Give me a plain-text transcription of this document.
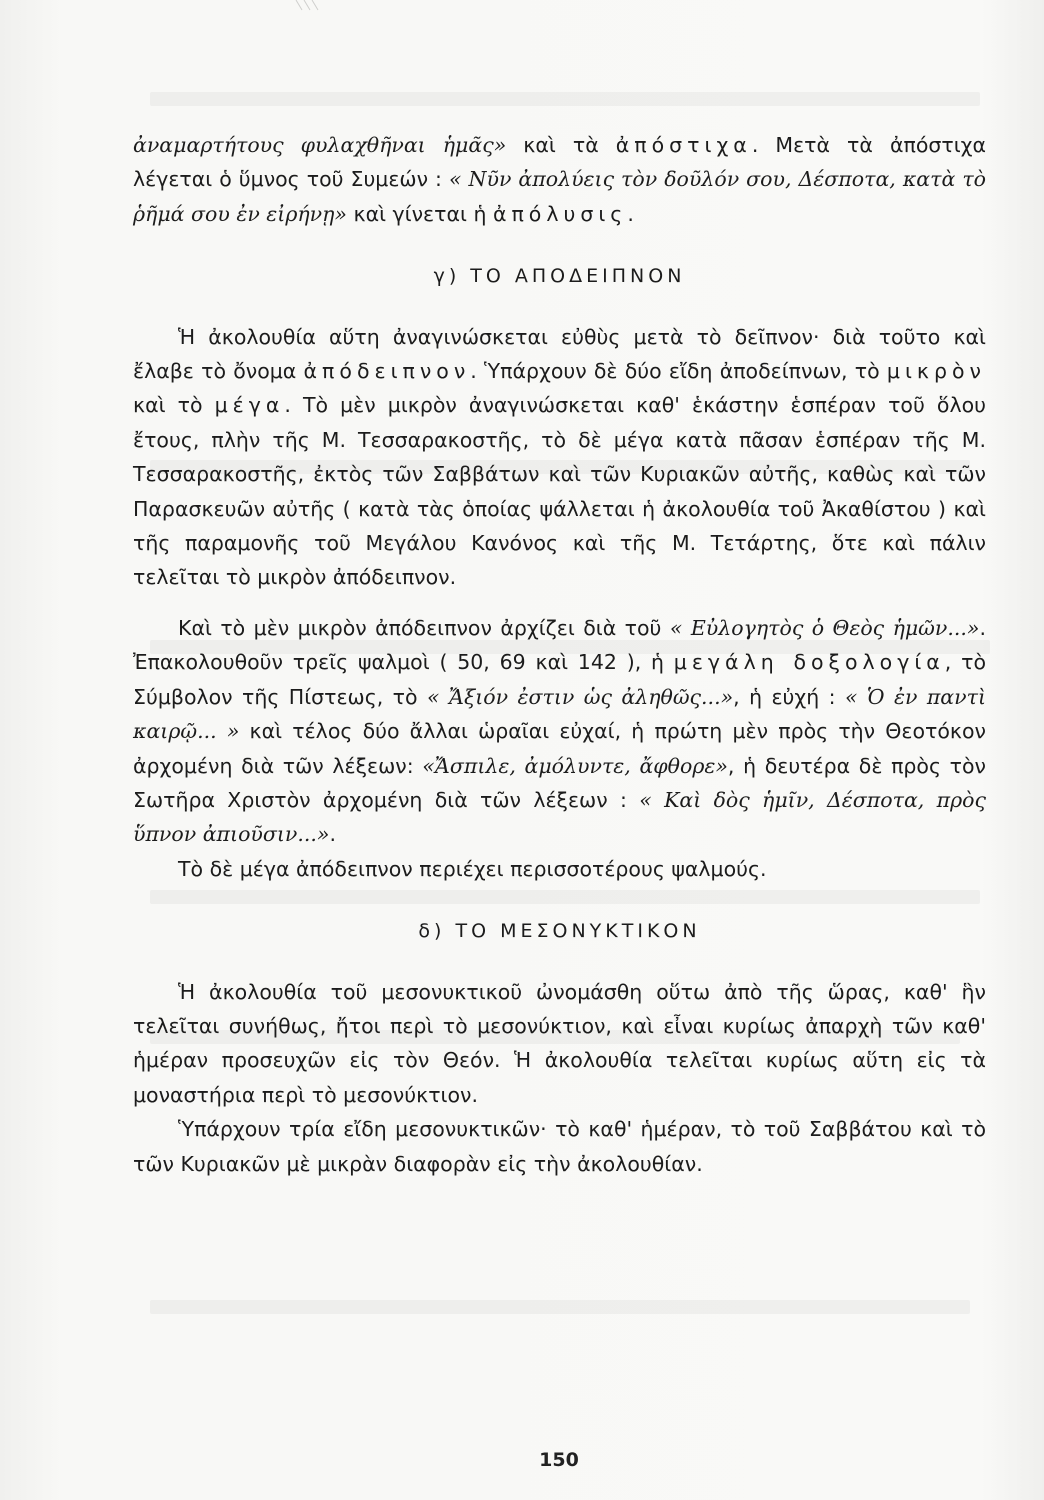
ἀναμαρτήτους φυλαχθῆναι ἡμᾶς» καὶ τὰ ἀπόστιχα. Μετὰ τὰ ἀπόστιχα λέγεται ὁ ὕμνος τοῦ Συμεών : « Νῦν ἀπολύεις τὸν δοῦλόν σου, Δέσποτα, κατὰ τὸ ῥῆμά σου ἐν εἰρήνῃ» καὶ γίνεται ἡ ἀπόλυσις.

γ) ΤΟ ΑΠΟΔΕΙΠΝΟΝ

Ἡ ἀκολουθία αὕτη ἀναγινώσκεται εὐθὺς μετὰ τὸ δεῖπνον· διὰ τοῦτο καὶ ἔλαβε τὸ ὄνομα ἀπόδειπνον. Ὑπάρχουν δὲ δύο εἴδη ἀποδείπνων, τὸ μικρὸν καὶ τὸ μέγα. Τὸ μὲν μικρὸν ἀναγινώσκεται καθ' ἑκάστην ἑσπέραν τοῦ ὅλου ἔτους, πλὴν τῆς Μ. Τεσσαρακοστῆς, τὸ δὲ μέγα κατὰ πᾶσαν ἑσπέραν τῆς Μ. Τεσσαρακοστῆς, ἐκτὸς τῶν Σαββάτων καὶ τῶν Κυριακῶν αὐτῆς, καθὼς καὶ τῶν Παρασκευῶν αὐτῆς ( κατὰ τὰς ὁποίας ψάλλεται ἡ ἀκολουθία τοῦ Ἀκαθίστου ) καὶ τῆς παραμονῆς τοῦ Μεγάλου Κανόνος καὶ τῆς Μ. Τετάρτης, ὅτε καὶ πάλιν τελεῖται τὸ μικρὸν ἀπόδειπνον.

Καὶ τὸ μὲν μικρὸν ἀπόδειπνον ἀρχίζει διὰ τοῦ « Εὐλογητὸς ὁ Θεὸς ἡμῶν...». Ἐπακολουθοῦν τρεῖς ψαλμοὶ ( 50, 69 καὶ 142 ), ἡ μεγάλη δοξολογία, τὸ Σύμβολον τῆς Πίστεως, τὸ « Ἄξιόν ἐστιν ὡς ἀληθῶς...», ἡ εὐχή : « Ὁ ἐν παντὶ καιρῷ... » καὶ τέλος δύο ἄλλαι ὡραῖαι εὐχαί, ἡ πρώτη μὲν πρὸς τὴν Θεοτόκον ἀρχομένη διὰ τῶν λέξεων: «Ἄσπιλε, ἀμόλυντε, ἄφθορε», ἡ δευτέρα δὲ πρὸς τὸν Σωτῆρα Χριστὸν ἀρχομένη διὰ τῶν λέξεων : « Καὶ δὸς ἡμῖν, Δέσποτα, πρὸς ὕπνον ἀπιοῦσιν...».

Τὸ δὲ μέγα ἀπόδειπνον περιέχει περισσοτέρους ψαλμούς.

δ) ΤΟ ΜΕΣΟΝΥΚΤΙΚΟΝ

Ἡ ἀκολουθία τοῦ μεσονυκτικοῦ ὠνομάσθη οὕτω ἀπὸ τῆς ὥρας, καθ' ἣν τελεῖται συνήθως, ἤτοι περὶ τὸ μεσονύκτιον, καὶ εἶναι κυρίως ἀπαρχὴ τῶν καθ' ἡμέραν προσευχῶν εἰς τὸν Θεόν. Ἡ ἀκολουθία τελεῖται κυρίως αὕτη εἰς τὰ μοναστήρια περὶ τὸ μεσονύκτιον.

Ὑπάρχουν τρία εἴδη μεσονυκτικῶν· τὸ καθ' ἡμέραν, τὸ τοῦ Σαββάτου καὶ τὸ τῶν Κυριακῶν μὲ μικρὰν διαφορὰν εἰς τὴν ἀκολουθίαν.

150
